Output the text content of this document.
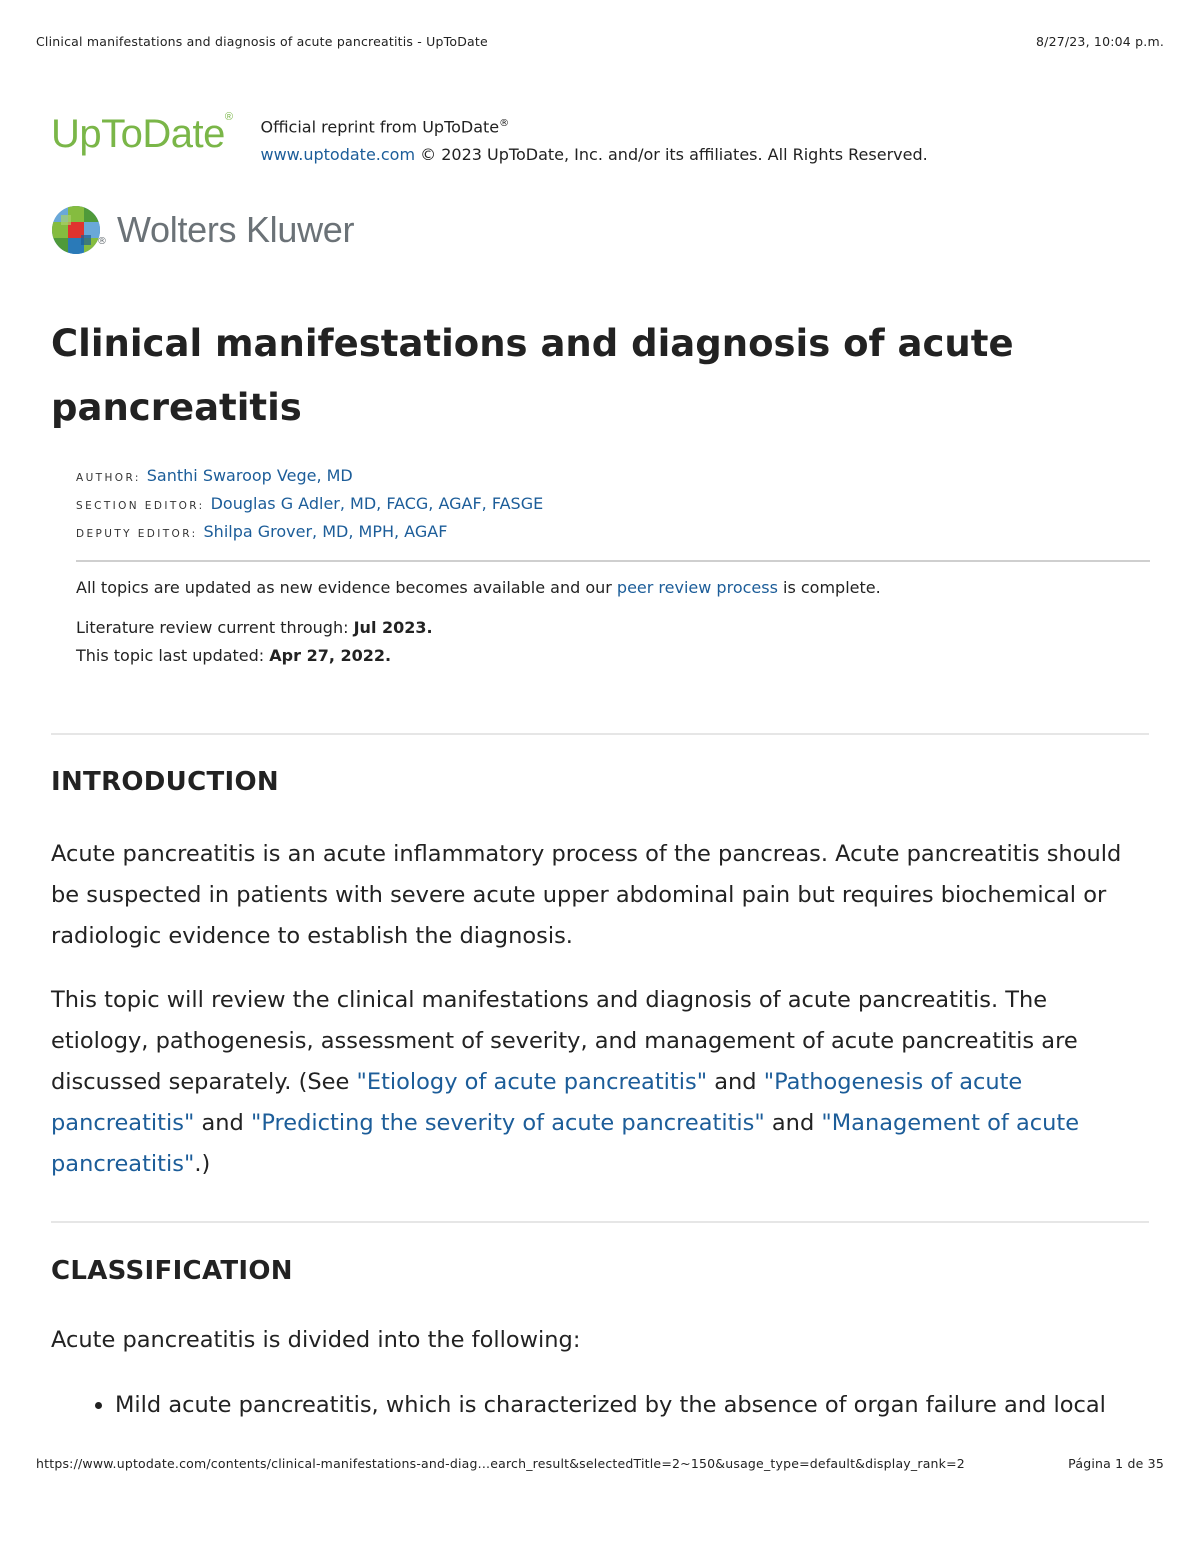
Clinical manifestations and diagnosis of acute pancreatitis - UpToDate	8/27/23, 10:04 p.m.
UpToDate®
Official reprint from UpToDate®
www.uptodate.com © 2023 UpToDate, Inc. and/or its affiliates. All Rights Reserved.
® Wolters Kluwer
Clinical manifestations and diagnosis of acute pancreatitis
AUTHOR: Santhi Swaroop Vege, MD
SECTION EDITOR: Douglas G Adler, MD, FACG, AGAF, FASGE
DEPUTY EDITOR: Shilpa Grover, MD, MPH, AGAF

All topics are updated as new evidence becomes available and our peer review process is complete.

Literature review current through: Jul 2023.

This topic last updated: Apr 27, 2022.

INTRODUCTION

Acute pancreatitis is an acute inflammatory process of the pancreas. Acute pancreatitis should be suspected in patients with severe acute upper abdominal pain but requires biochemical or radiologic evidence to establish the diagnosis.

This topic will review the clinical manifestations and diagnosis of acute pancreatitis. The etiology, pathogenesis, assessment of severity, and management of acute pancreatitis are discussed separately. (See "Etiology of acute pancreatitis" and "Pathogenesis of acute pancreatitis" and "Predicting the severity of acute pancreatitis" and "Management of acute pancreatitis".)

CLASSIFICATION

Acute pancreatitis is divided into the following:

• Mild acute pancreatitis, which is characterized by the absence of organ failure and local
https://www.uptodate.com/contents/clinical-manifestations-and-diag...earch_result&selectedTitle=2~150&usage_type=default&display_rank=2	Página 1 de 35
